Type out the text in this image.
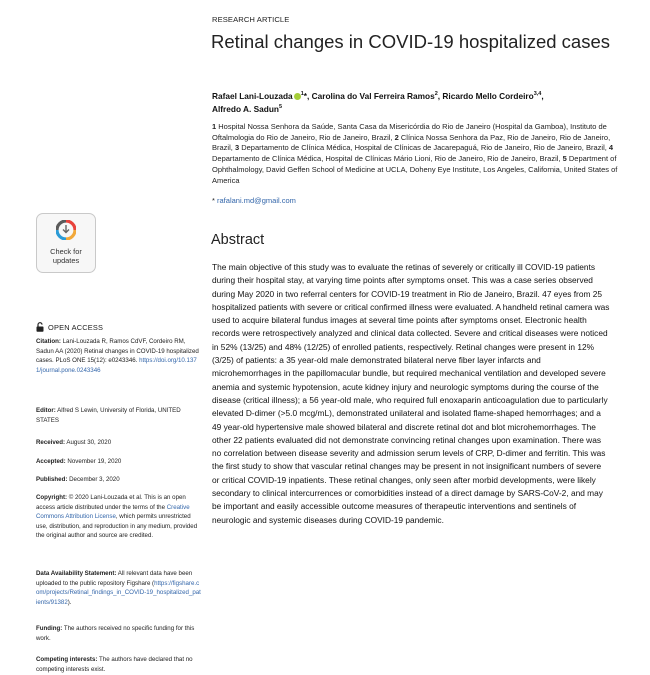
RESEARCH ARTICLE
Retinal changes in COVID-19 hospitalized cases
Rafael Lani-Louzada $^1$*, Carolina do Val Ferreira Ramos$^2$, Ricardo Mello Cordeiro$^{3,4}$,
Alfredo A. Sadun$^5$
1 Hospital Nossa Senhora da Saúde, Santa Casa da Misericórdia do Rio de Janeiro (Hospital da Gamboa), Instituto de Oftalmologia do Rio de Janeiro, Rio de Janeiro, Brazil, 2 Clínica Nossa Senhora da Paz, Rio de Janeiro, Rio de Janeiro, Brazil, 3 Departamento de Clínica Médica, Hospital de Clínicas de Jacarepaguá, Rio de Janeiro, Rio de Janeiro, Brazil, 4 Departamento de Clínica Médica, Hospital de Clínicas Mário Lioni, Rio de Janeiro, Rio de Janeiro, Brazil, 5 Department of Ophthalmology, David Geffen School of Medicine at UCLA, Doheny Eye Institute, Los Angeles, California, United States of America
* rafalani.md@gmail.com
Check for
updates
OPEN ACCESS
Citation: Lani-Louzada R, Ramos CdVF, Cordeiro RM, Sadun AA (2020) Retinal changes in COVID-19 hospitalized cases. PLoS ONE 15(12): e0243346. https://doi.org/10.1371/journal.pone.0243346
Editor: Alfred S Lewin, University of Florida, UNITED STATES
Received: August 30, 2020
Accepted: November 19, 2020
Published: December 3, 2020
Copyright: © 2020 Lani-Louzada et al. This is an open access article distributed under the terms of the Creative Commons Attribution License, which permits unrestricted use, distribution, and reproduction in any medium, provided the original author and source are credited.
Data Availability Statement: All relevant data have been uploaded to the public repository Figshare (https://figshare.com/projects/Retinal_findings_in_COVID-19_hospitalized_patients/91382).
Funding: The authors received no specific funding for this work.
Competing interests: The authors have declared that no competing interests exist.
Abstract
The main objective of this study was to evaluate the retinas of severely or critically ill COVID-19 patients during their hospital stay, at varying time points after symptoms onset. This was a case series observed during May 2020 in two referral centers for COVID-19 treatment in Rio de Janeiro, Brazil. 47 eyes from 25 hospitalized patients with severe or critical confirmed illness were evaluated. A handheld retinal camera was used to acquire bilateral fundus images at several time points after symptoms onset. Electronic health records were retrospectively analyzed and clinical data collected. Severe and critical diseases were noticed in 52% (13/25) and 48% (12/25) of enrolled patients, respectively. Retinal changes were present in 12% (3/25) of patients: a 35 year-old male demonstrated bilateral nerve fiber layer infarcts and microhemorrhages in the papillomacular bundle, but required mechanical ventilation and developed severe anemia and systemic hypotension, acute kidney injury and neurologic symptoms during the course of the disease (critical illness); a 56 year-old male, who required full enoxaparin anticoagulation due to particularly elevated D-dimer (>5.0 mcg/mL), demonstrated unilateral and isolated flame-shaped hemorrhages; and a 49 year-old hypertensive male showed bilateral and discrete retinal dot and blot microhemorrhages. The other 22 patients evaluated did not demonstrate convincing retinal changes upon examination. There was no correlation between disease severity and admission serum levels of CRP, D-dimer and ferritin. This was the first study to show that vascular retinal changes may be present in not insignificant numbers of severe or critical COVID-19 inpatients. These retinal changes, only seen after morbid developments, were likely secondary to clinical intercurrences or comorbidities instead of a direct damage by SARS-CoV-2, and may be important and easily accessible outcome measures of therapeutic interventions and sentinels of neurologic and systemic diseases during COVID-19 pandemic.
